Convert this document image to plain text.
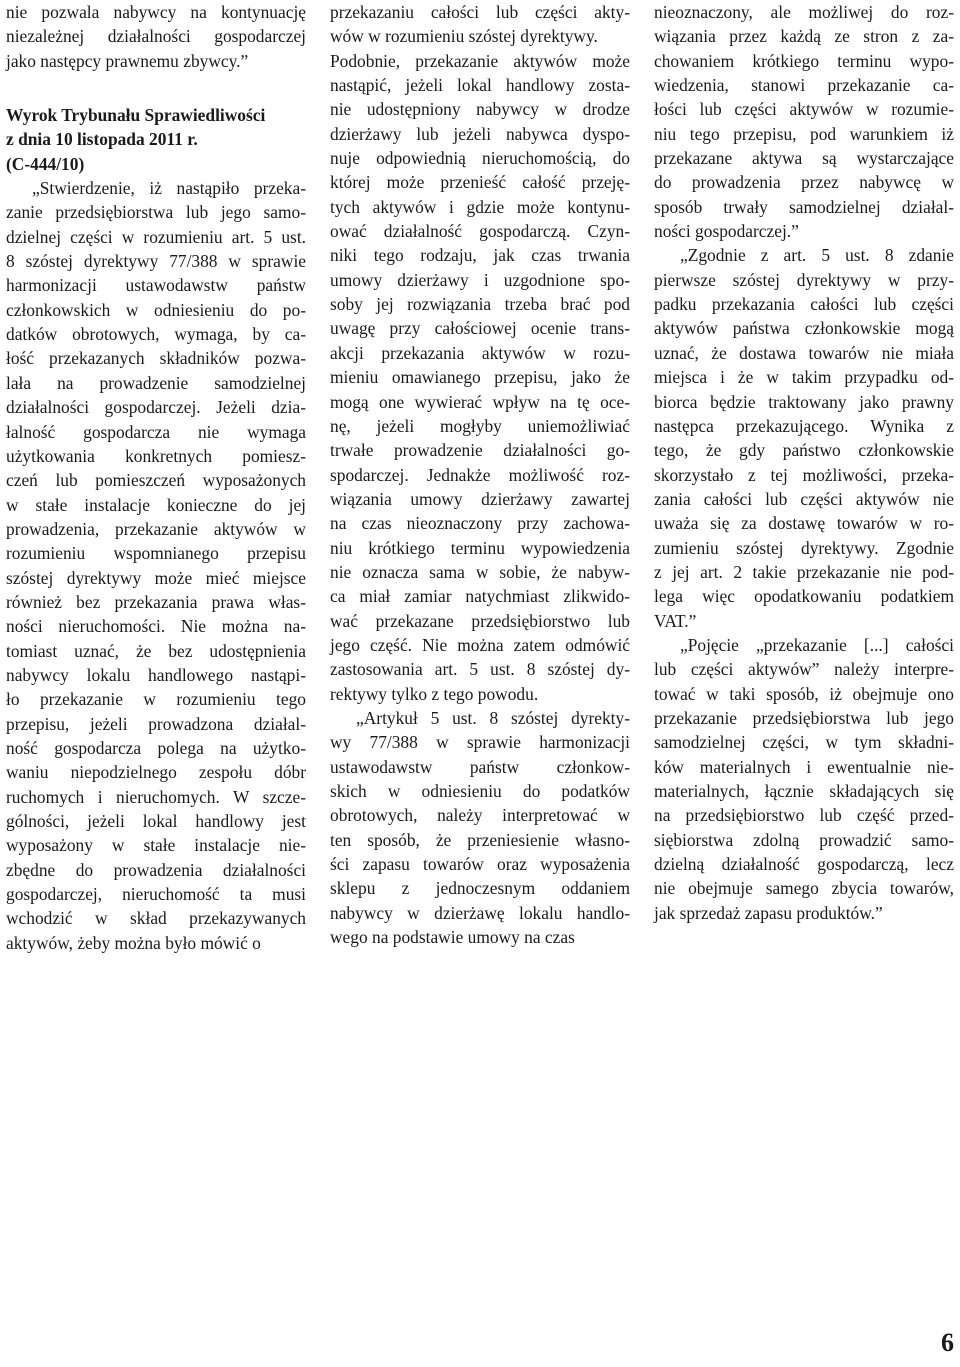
nie pozwala nabywcy na kontynuację
niezależnej działalności gospodarczej
jako następcy prawnemu zbywcy.”
Wyrok Trybunału Sprawiedliwości
z dnia 10 listopada 2011 r.
(C-444/10)
„Stwierdzenie, iż nastąpiło przeka-
zanie przedsiębiorstwa lub jego samo-
dzielnej części w rozumieniu art. 5 ust.
8 szóstej dyrektywy 77/388 w sprawie
harmonizacji ustawodawstw państw
członkowskich w odniesieniu do po-
datków obrotowych, wymaga, by ca-
łość przekazanych składników pozwa-
lała na prowadzenie samodzielnej
działalności gospodarczej. Jeżeli dzia-
łalność gospodarcza nie wymaga
użytkowania konkretnych pomiesz-
czeń lub pomieszczeń wyposażonych
w stałe instalacje konieczne do jej
prowadzenia, przekazanie aktywów w
rozumieniu wspomnianego przepisu
szóstej dyrektywy może mieć miejsce
również bez przekazania prawa włas-
ności nieruchomości. Nie można na-
tomiast uznać, że bez udostępnienia
nabywcy lokalu handlowego nastąpi-
ło przekazanie w rozumieniu tego
przepisu, jeżeli prowadzona działal-
ność gospodarcza polega na użytko-
waniu niepodzielnego zespołu dóbr
ruchomych i nieruchomych. W szcze-
gólności, jeżeli lokal handlowy jest
wyposażony w stałe instalacje nie-
zbędne do prowadzenia działalności
gospodarczej, nieruchomość ta musi
wchodzić w skład przekazywanych
aktywów, żeby można było mówić o
przekazaniu całości lub części akty-
wów w rozumieniu szóstej dyrektywy.
Podobnie, przekazanie aktywów może
nastąpić, jeżeli lokal handlowy zosta-
nie udostępniony nabywcy w drodze
dzierżawy lub jeżeli nabywca dyspo-
nuje odpowiednią nieruchomością, do
której może przenieść całość przeję-
tych aktywów i gdzie może kontynu-
ować działalność gospodarczą. Czyn-
niki tego rodzaju, jak czas trwania
umowy dzierżawy i uzgodnione spo-
soby jej rozwiązania trzeba brać pod
uwagę przy całościowej ocenie trans-
akcji przekazania aktywów w rozu-
mieniu omawianego przepisu, jako że
mogą one wywierać wpływ na tę oce-
nę, jeżeli mogłyby uniemożliwiać
trwałe prowadzenie działalności go-
spodarczej. Jednakże możliwość roz-
wiązania umowy dzierżawy zawartej
na czas nieoznaczony przy zachowa-
niu krótkiego terminu wypowiedzenia
nie oznacza sama w sobie, że nabyw-
ca miał zamiar natychmiast zlikwido-
wać przekazane przedsiębiorstwo lub
jego część. Nie można zatem odmówić
zastosowania art. 5 ust. 8 szóstej dy-
rektywy tylko z tego powodu.
„Artykuł 5 ust. 8 szóstej dyrekty-
wy 77/388 w sprawie harmonizacji
ustawodawstw państw członkow-
skich w odniesieniu do podatków
obrotowych, należy interpretować w
ten sposób, że przeniesienie własno-
ści zapasu towarów oraz wyposażenia
sklepu z jednoczesnym oddaniem
nabywcy w dzierżawę lokalu handlo-
wego na podstawie umowy na czas
nieoznaczony, ale możliwej do roz-
wiązania przez każdą ze stron z za-
chowaniem krótkiego terminu wypo-
wiedzenia, stanowi przekazanie ca-
łości lub części aktywów w rozumie-
niu tego przepisu, pod warunkiem iż
przekazane aktywa są wystarczające
do prowadzenia przez nabywcę w
sposób trwały samodzielnej działal-
ności gospodarczej.”
„Zgodnie z art. 5 ust. 8 zdanie
pierwsze szóstej dyrektywy w przy-
padku przekazania całości lub części
aktywów państwa członkowskie mogą
uznać, że dostawa towarów nie miała
miejsca i że w takim przypadku od-
biorca będzie traktowany jako prawny
następca przekazującego. Wynika z
tego, że gdy państwo członkowskie
skorzystało z tej możliwości, przeka-
zania całości lub części aktywów nie
uważa się za dostawę towarów w ro-
zumieniu szóstej dyrektywy. Zgodnie
z jej art. 2 takie przekazanie nie pod-
lega więc opodatkowaniu podatkiem
VAT.”
„Pojęcie „przekazanie [...] całości
lub części aktywów” należy interpre-
tować w taki sposób, iż obejmuje ono
przekazanie przedsiębiorstwa lub jego
samodzielnej części, w tym składni-
ków materialnych i ewentualnie nie-
materialnych, łącznie składających się
na przedsiębiorstwo lub część przed-
siębiorstwa zdolną prowadzić samo-
dzielną działalność gospodarczą, lecz
nie obejmuje samego zbycia towarów,
jak sprzedaż zapasu produktów.”
6
